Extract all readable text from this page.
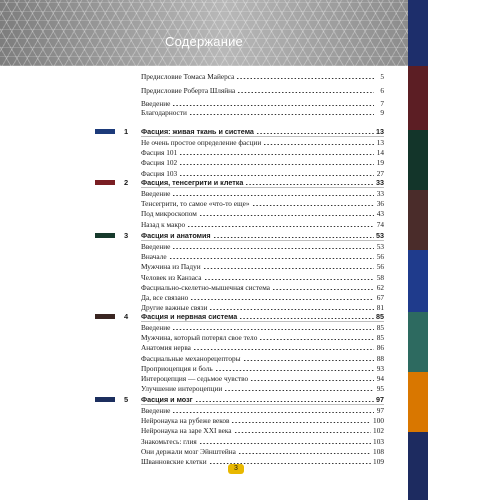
Содержание
Предисловие Томаса Майерса	5
Предисловие Роберта Шляйна	6
Введение	7
Благодарности	9
1	Фасция: живая ткань и система	13
Не очень простое определение фасции	13
Фасция 101	14
Фасция 102	19
Фасция 103	27
2	Фасция, тенсегрити и клетка	33
Введение	33
Тенсегрити, то самое «что-то еще»	36
Под микроскопом	43
Назад к макро	74
3	Фасция и анатомия	53
Введение	53
Вначале	56
Мужчина из Падуи	56
Человек из Канзаса	58
Фасциально-скелетно-мышечная система	62
Да, все связано	67
Другие важные связи	81
4	Фасция и нервная система	85
Введение	85
Мужчина, который потерял свое тело	85
Анатомия нерва	86
Фасциальные механорецепторы	88
Проприоцепция и боль	93
Интероцепция — седьмое чувство	94
Улучшение интероцепции	95
5	Фасция и мозг	97
Введение	97
Нейронаука на рубеже веков	100
Нейронаука на заре XXI века	102
Знакомьтесь: глия	103
Они держали мозг Эйнштейна	108
Шванновские клетки	109
3
